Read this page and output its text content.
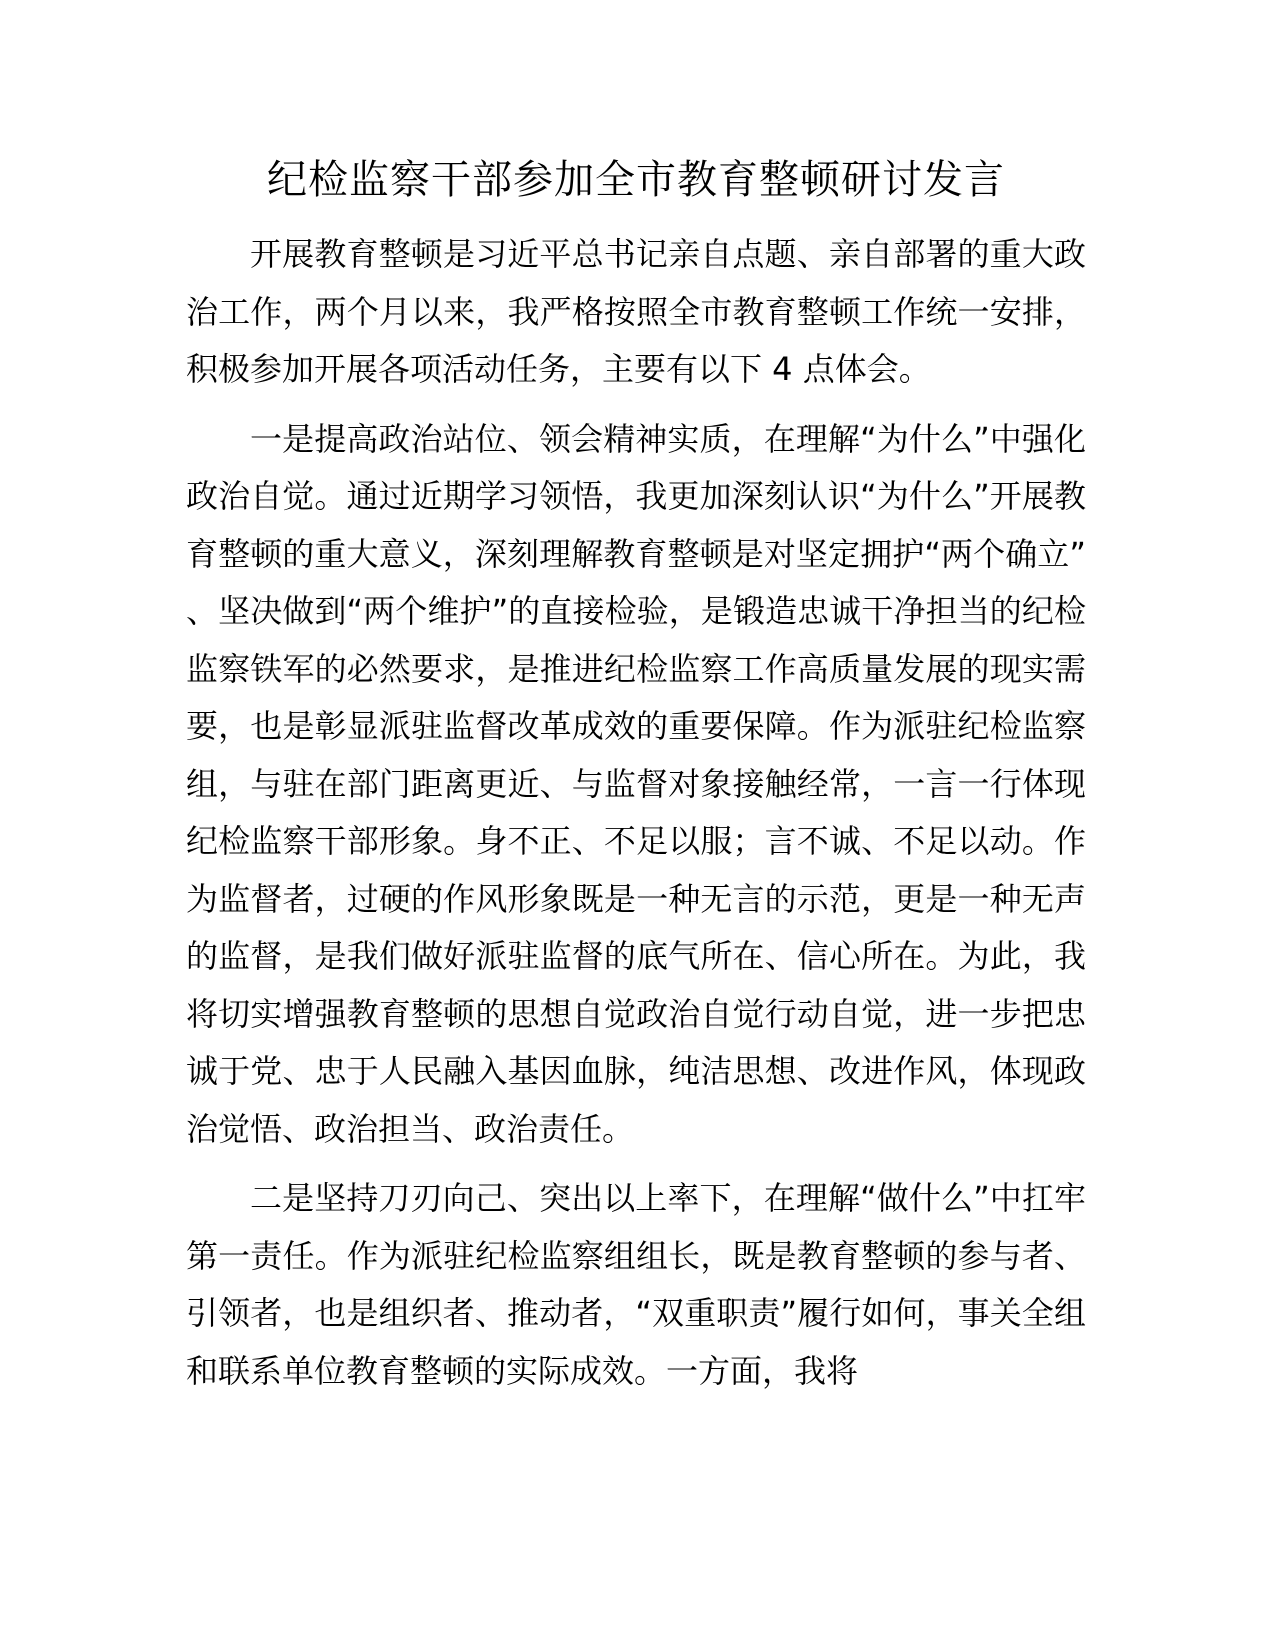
纪检监察干部参加全市教育整顿研讨发言

开展教育整顿是习近平总书记亲自点题、亲自部署的重大政治工作，两个月以来，我严格按照全市教育整顿工作统一安排，积极参加开展各项活动任务，主要有以下 4 点体会。

一是提高政治站位、领会精神实质，在理解“为什么”中强化政治自觉。通过近期学习领悟，我更加深刻认识“为什么”开展教育整顿的重大意义，深刻理解教育整顿是对坚定拥护“两个确立”、坚决做到“两个维护”的直接检验，是锻造忠诚干净担当的纪检监察铁军的必然要求，是推进纪检监察工作高质量发展的现实需要，也是彰显派驻监督改革成效的重要保障。作为派驻纪检监察组，与驻在部门距离更近、与监督对象接触经常，一言一行体现纪检监察干部形象。身不正、不足以服；言不诚、不足以动。作为监督者，过硬的作风形象既是一种无言的示范，更是一种无声的监督，是我们做好派驻监督的底气所在、信心所在。为此，我将切实增强教育整顿的思想自觉政治自觉行动自觉，进一步把忠诚于党、忠于人民融入基因血脉，纯洁思想、改进作风，体现政治觉悟、政治担当、政治责任。

二是坚持刀刃向己、突出以上率下，在理解“做什么”中扛牢第一责任。作为派驻纪检监察组组长，既是教育整顿的参与者、引领者，也是组织者、推动者，“双重职责”履行如何，事关全组和联系单位教育整顿的实际成效。一方面，我将
